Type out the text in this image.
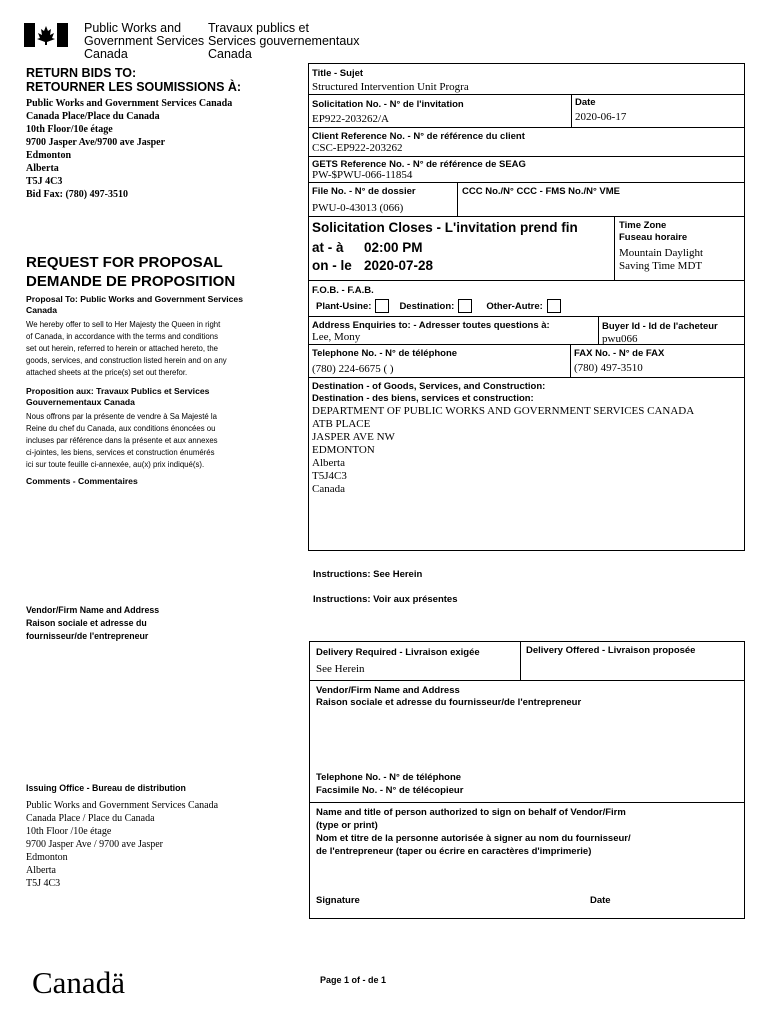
Public Works and
Government Services
Canada
Travaux publics et
Services gouvernementaux
Canada
RETURN BIDS TO:
RETOURNER LES SOUMISSIONS À:
Public Works and Government Services Canada
Canada Place/Place du Canada
10th Floor/10e étage
9700 Jasper Ave/9700 ave Jasper
Edmonton
Alberta
T5J 4C3
Bid Fax: (780) 497-3510
REQUEST FOR PROPOSAL
DEMANDE DE PROPOSITION
Proposal To: Public Works and Government Services Canada
We hereby offer to sell to Her Majesty the Queen in right
of Canada, in accordance with the terms and conditions
set out herein, referred to herein or attached hereto, the
goods, services, and construction listed herein and on any
attached sheets at the price(s) set out therefor.
Proposition aux: Travaux Publics et Services Gouvernementaux Canada
Nous offrons par la présente de vendre à Sa Majesté la
Reine du chef du Canada, aux conditions énoncées ou
incluses par référence dans la présente et aux annexes
ci-jointes, les biens, services et construction énumérés
ici sur toute feuille ci-annexée, au(x) prix indiqué(s).
Comments - Commentaires
Vendor/Firm Name and Address
Raison sociale et adresse du
fournisseur/de l'entrepreneur
Issuing Office - Bureau de distribution
Public Works and Government Services Canada
Canada Place / Place du Canada
10th Floor /10e étage
9700 Jasper Ave / 9700 ave Jasper
Edmonton
Alberta
T5J 4C3
Canadä	Page 1 of - de 1
Title - Sujet
Structured Intervention Unit Progra
Solicitation No. - N° de l'invitation
EP922-203262/A
Date
2020-06-17
Client Reference No. - N° de référence du client
CSC-EP922-203262
GETS Reference No. - N° de référence de SEAG
PW-$PWU-066-11854
File No. - N° de dossier
PWU-0-43013 (066)
CCC No./N° CCC - FMS No./N° VME
Solicitation Closes - L'invitation prend fin
at - à 02:00 PM
on - le 2020-07-28
Time Zone
Fuseau horaire
Mountain Daylight
Saving Time MDT
F.O.B. - F.A.B.
Plant-Usine:	Destination:	Other-Autre:
Address Enquiries to: - Adresser toutes questions à:
Lee, Mony
Buyer Id - Id de l'acheteur
pwu066
Telephone No. - N° de téléphone
(780) 224-6675 ( )
FAX No. - N° de FAX
(780) 497-3510
Destination - of Goods, Services, and Construction:
Destination - des biens, services et construction:
DEPARTMENT OF PUBLIC WORKS AND GOVERNMENT SERVICES CANADA
ATB PLACE
JASPER AVE NW
EDMONTON
Alberta
T5J4C3
Canada
Instructions: See Herein
Instructions: Voir aux présentes
Delivery Required - Livraison exigée
See Herein
Delivery Offered - Livraison proposée
Vendor/Firm Name and Address
Raison sociale et adresse du fournisseur/de l'entrepreneur
Telephone No. - N° de téléphone
Facsimile No. - N° de télécopieur
Name and title of person authorized to sign on behalf of Vendor/Firm
(type or print)
Nom et titre de la personne autorisée à signer au nom du fournisseur/
de l'entrepreneur (taper ou écrire en caractères d'imprimerie)
Signature	Date
